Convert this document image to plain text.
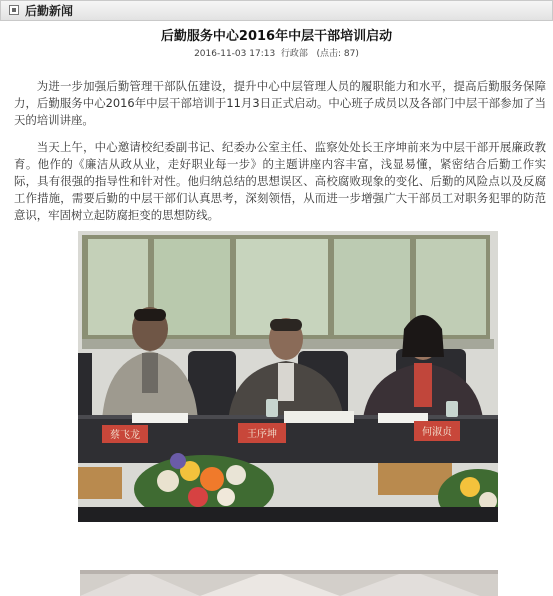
后勤新闻
后勤服务中心2016年中层干部培训启动
2016-11-03 17:13 行政部 (点击: 87)

为进一步加强后勤管理干部队伍建设，提升中心中层管理人员的履职能力和水平，提高后勤服务保障力，后勤服务中心2016年中层干部培训于11月3日正式启动。中心班子成员以及各部门中层干部参加了当天的培训讲座。

当天上午，中心邀请校纪委副书记、纪委办公室主任、监察处处长王序坤前来为中层干部开展廉政教育。他作的《廉洁从政从业，走好职业每一步》的主题讲座内容丰富，浅显易懂，紧密结合后勤工作实际，具有很强的指导性和针对性。他归纳总结的思想误区、高校腐败现象的变化、后勤的风险点以及反腐工作措施，需要后勤的中层干部们认真思考，深刻领悟，从而进一步增强广大干部员工对职务犯罪的防范意识，牢固树立起防腐拒变的思想防线。

蔡飞龙	王序坤	何淑贞
